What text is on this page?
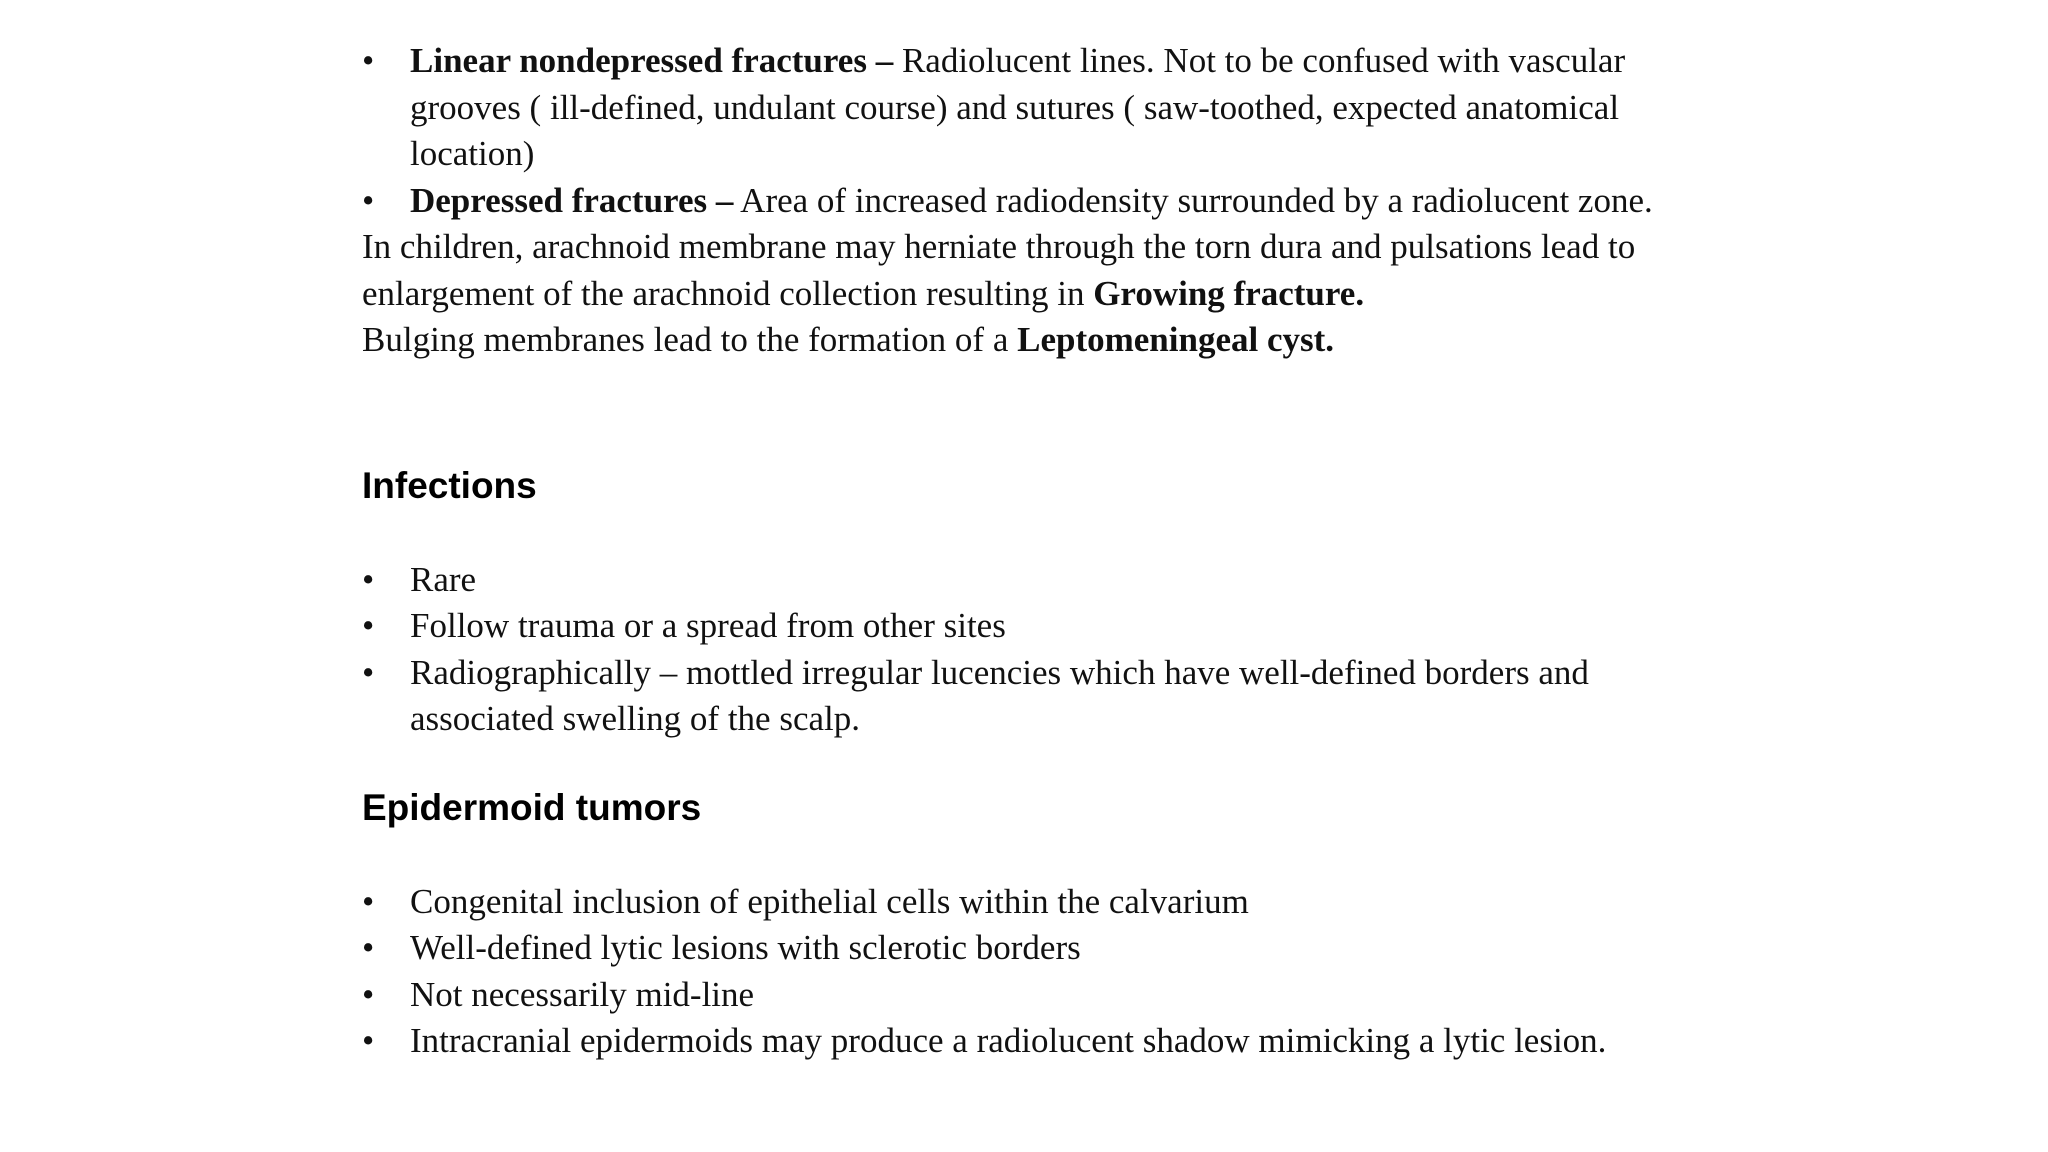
• Linear nondepressed fractures – Radiolucent lines. Not to be confused with vascular grooves ( ill-defined, undulant course) and sutures ( saw-toothed, expected anatomical location)
• Depressed fractures – Area of increased radiodensity surrounded by a radiolucent zone.

In children, arachnoid membrane may herniate through the torn dura and pulsations lead to enlargement of the arachnoid collection resulting in Growing fracture.
Bulging membranes lead to the formation of a Leptomeningeal cyst.

Infections
• Rare
• Follow trauma or a spread from other sites
• Radiographically – mottled irregular lucencies which have well-defined borders and associated swelling of the scalp.
Epidermoid tumors
• Congenital inclusion of epithelial cells within the calvarium
• Well-defined lytic lesions with sclerotic borders
• Not necessarily mid-line
• Intracranial epidermoids may produce a radiolucent shadow mimicking a lytic lesion.
